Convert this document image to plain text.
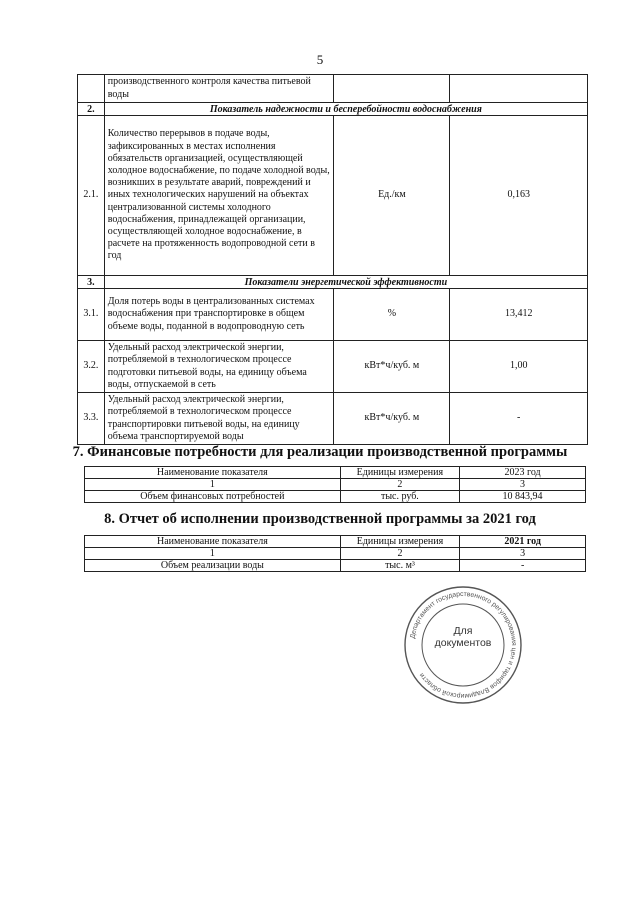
5
	производственного контроля качества питьевой воды		
2.	Показатель надежности и бесперебойности водоснабжения		
2.1.	Количество перерывов в подаче воды, зафиксированных в местах исполнения обязательств организацией, осуществляющей холодное водоснабжение, по подаче холодной воды, возникших в результате аварий, повреждений и иных технологических нарушений на объектах централизованной системы холодного водоснабжения, принадлежащей организации, осуществляющей холодное водоснабжение, в расчете на протяженность водопроводной сети в год	Ед./км	0,163
3.	Показатели энергетической эффективности		
3.1.	Доля потерь воды в централизованных системах водоснабжения при транспортировке в общем объеме воды, поданной в водопроводную сеть	%	13,412
3.2.	Удельный расход электрической энергии, потребляемой в технологическом процессе подготовки питьевой воды, на единицу объема воды, отпускаемой в сеть	кВт*ч/куб. м	1,00
3.3.	Удельный расход электрической энергии, потребляемой в технологическом процессе транспортировки питьевой воды, на единицу объема транспортируемой воды	кВт*ч/куб. м	-
7. Финансовые потребности для реализации производственной программы
Наименование показателя	Единицы измерения	2023 год
1	2	3
Объем финансовых потребностей	тыс. руб.	10 843,94
8. Отчет об исполнении производственной программы за 2021 год
Наименование показателя	Единицы измерения	2021 год
1	2	3
Объем реализации воды	тыс. м³	-
Департамент государственного регулирования цен и тарифов Владимирской области
Для
документов
